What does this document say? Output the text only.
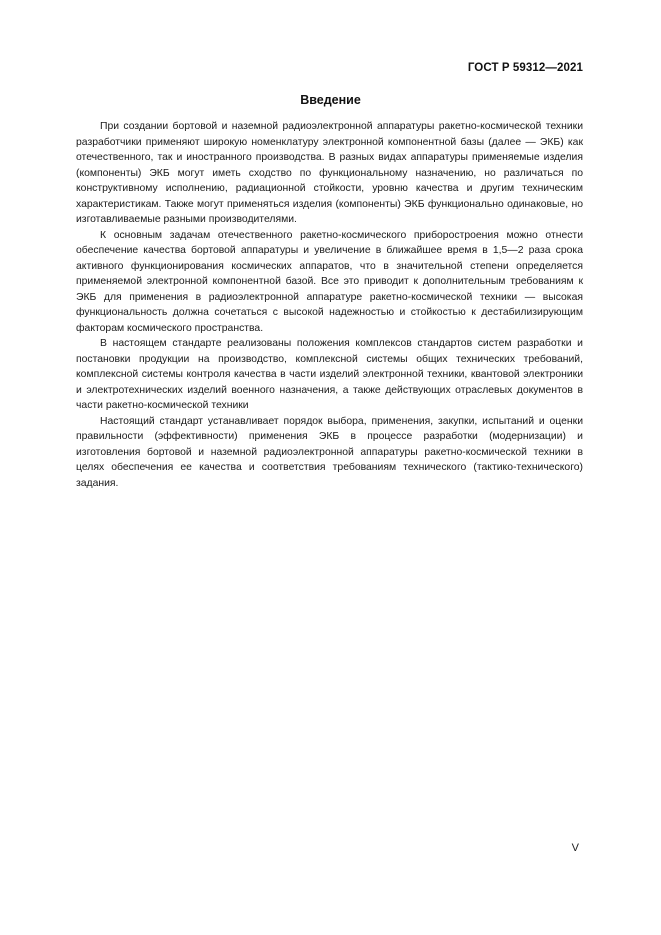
ГОСТ Р 59312—2021
Введение

При создании бортовой и наземной радиоэлектронной аппаратуры ракетно-космической техники разработчики применяют широкую номенклатуру электронной компонентной базы (далее — ЭКБ) как отечественного, так и иностранного производства. В разных видах аппаратуры применяемые изделия (компоненты) ЭКБ могут иметь сходство по функциональному назначению, но различаться по конструктивному исполнению, радиационной стойкости, уровню качества и другим техническим характеристикам. Также могут применяться изделия (компоненты) ЭКБ функционально одинаковые, но изготавливаемые разными производителями.

К основным задачам отечественного ракетно-космического приборостроения можно отнести обеспечение качества бортовой аппаратуры и увеличение в ближайшее время в 1,5—2 раза срока активного функционирования космических аппаратов, что в значительной степени определяется применяемой электронной компонентной базой. Все это приводит к дополнительным требованиям к ЭКБ для применения в радиоэлектронной аппаратуре ракетно-космической техники — высокая функциональность должна сочетаться с высокой надежностью и стойкостью к дестабилизирующим факторам космического пространства.

В настоящем стандарте реализованы положения комплексов стандартов систем разработки и постановки продукции на производство, комплексной системы общих технических требований, комплексной системы контроля качества в части изделий электронной техники, квантовой электроники и электротехнических изделий военного назначения, а также действующих отраслевых документов в части ракетно-космической техники

Настоящий стандарт устанавливает порядок выбора, применения, закупки, испытаний и оценки правильности (эффективности) применения ЭКБ в процессе разработки (модернизации) и изготовления бортовой и наземной радиоэлектронной аппаратуры ракетно-космической техники в целях обеспечения ее качества и соответствия требованиям технического (тактико-технического) задания.

V
